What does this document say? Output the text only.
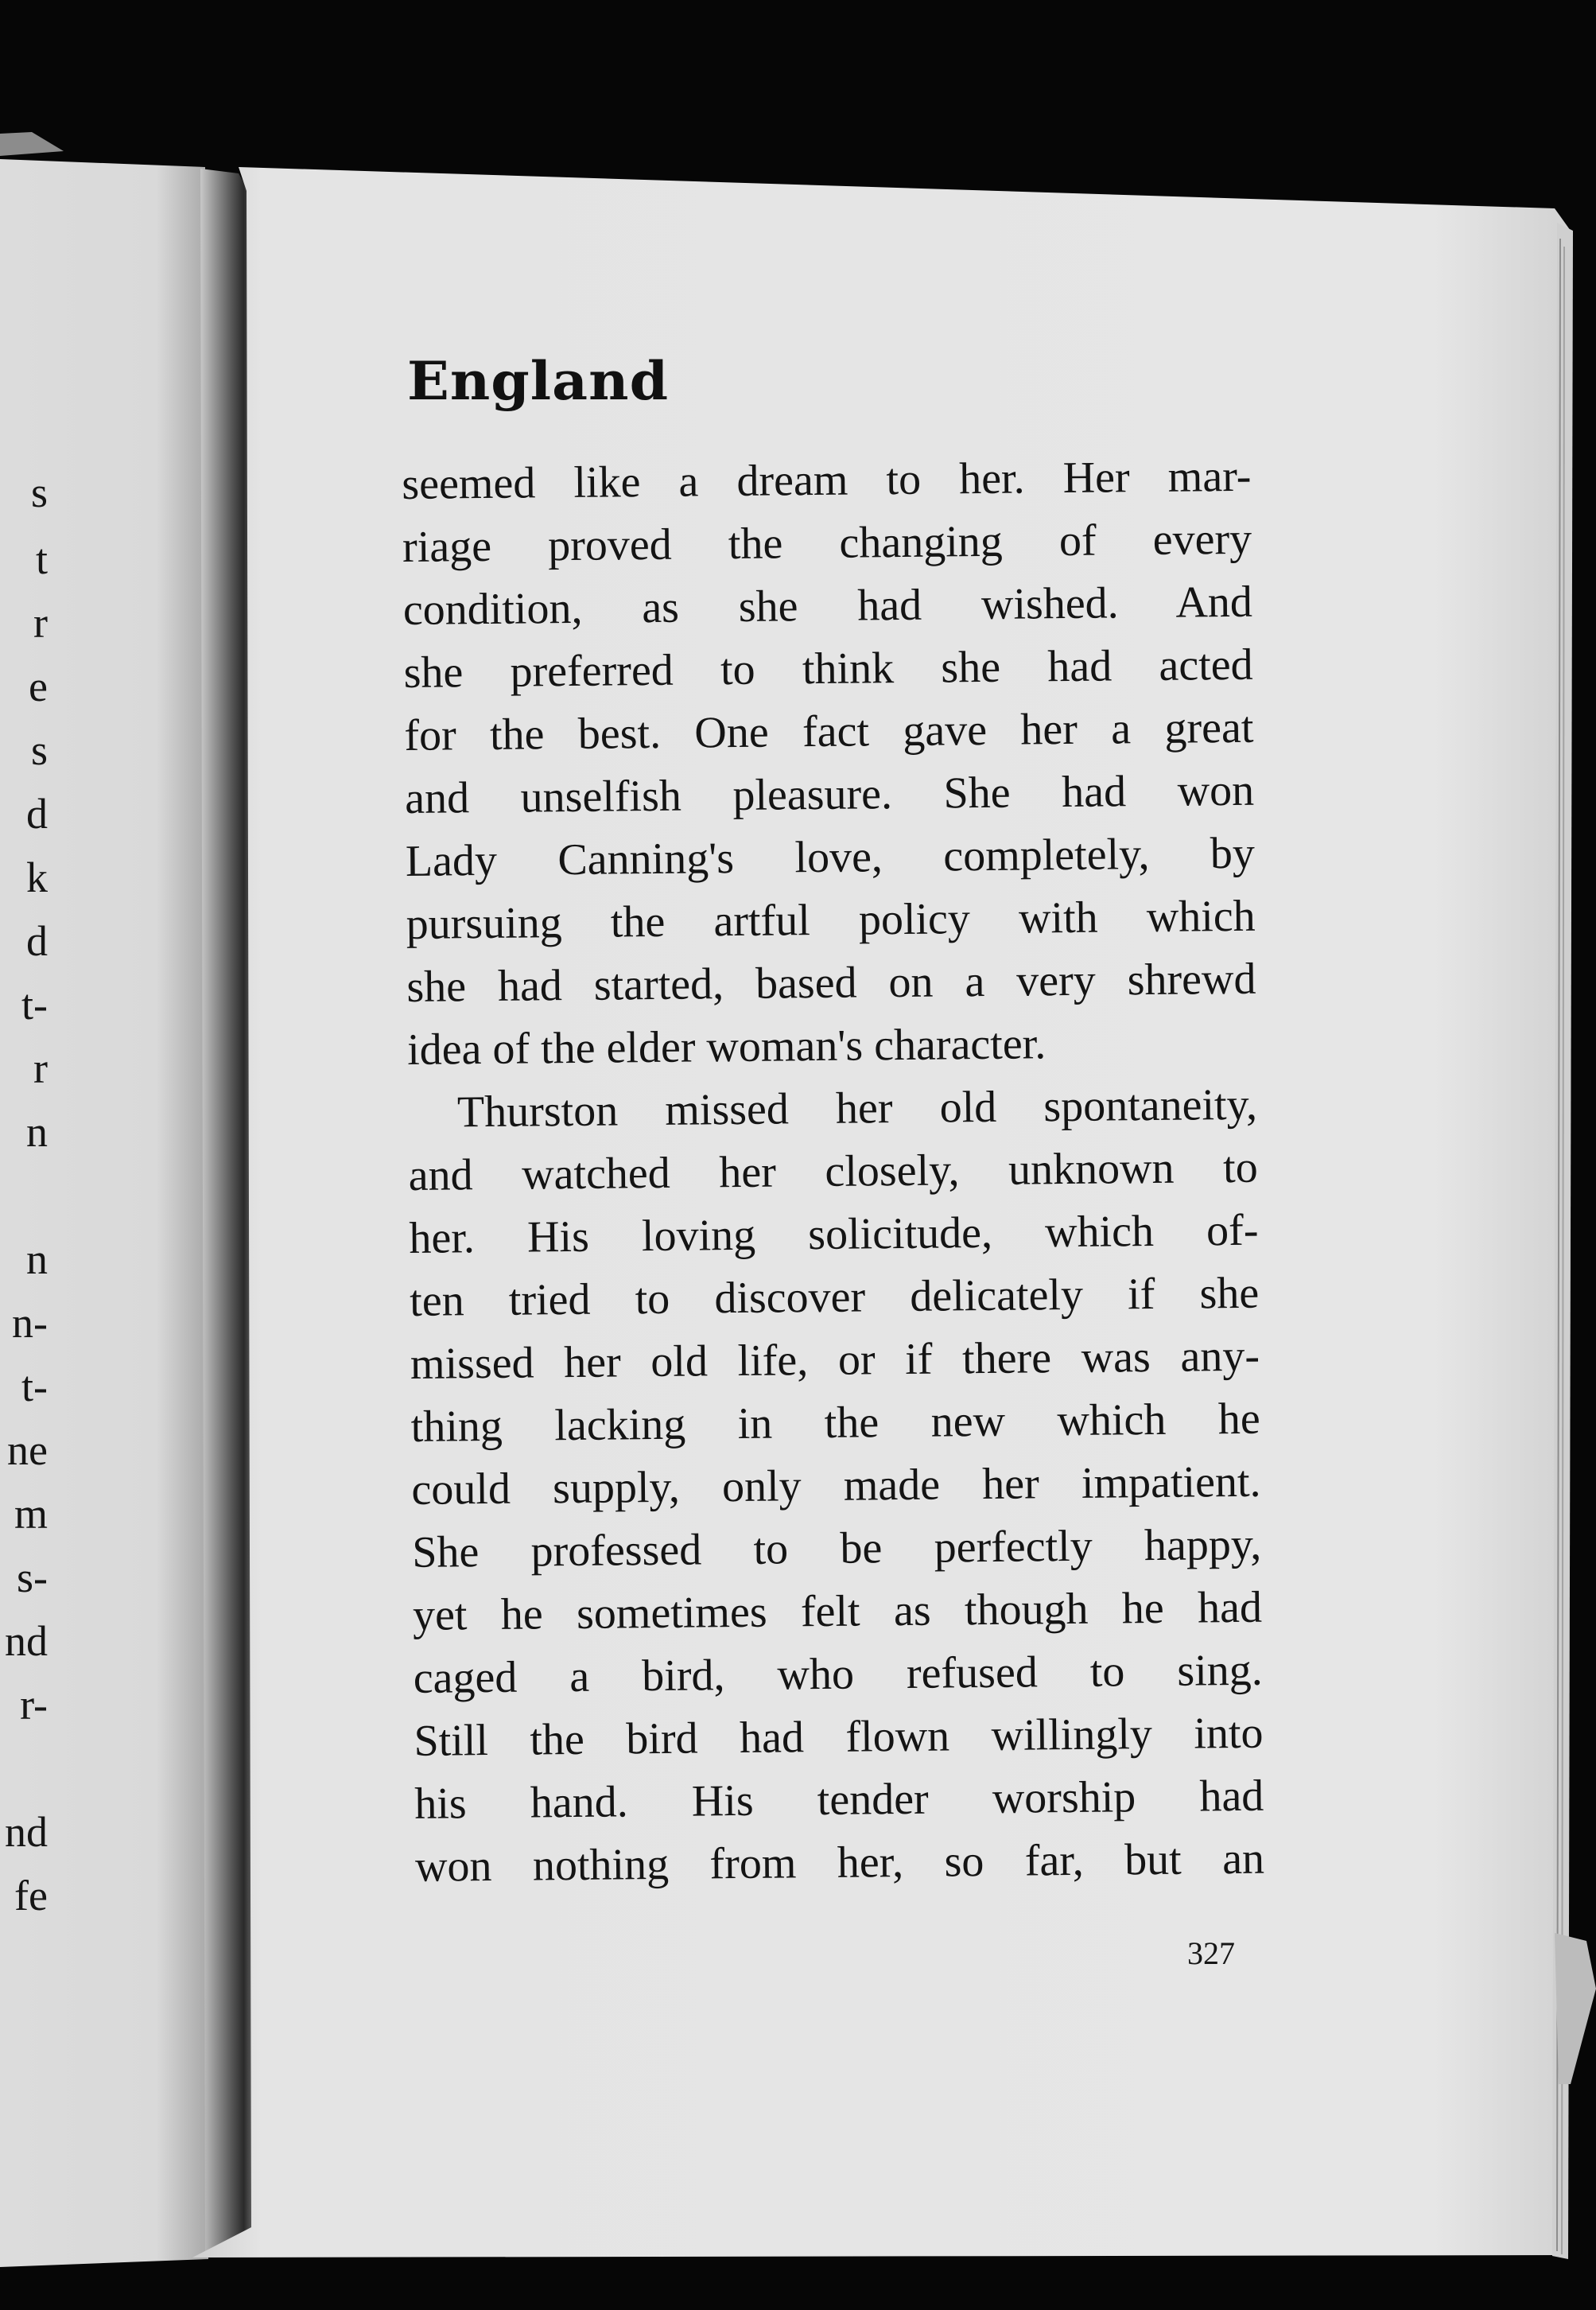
England
seemed like a dream to her. Her mar-
riage proved the changing of every
condition, as she had wished. And
she preferred to think she had acted
for the best. One fact gave her a great
and unselfish pleasure. She had won
Lady Canning's love, completely, by
pursuing the artful policy with which
she had started, based on a very shrewd
idea of the elder woman's character.
Thurston missed her old spontaneity,
and watched her closely, unknown to
her. His loving solicitude, which of-
ten tried to discover delicately if she
missed her old life, or if there was any-
thing lacking in the new which he
could supply, only made her impatient.
She professed to be perfectly happy,
yet he sometimes felt as though he had
caged a bird, who refused to sing.
Still the bird had flown willingly into
his hand. His tender worship had
won nothing from her, so far, but an
327
s
t
r
e
s
d
k
d
t-
r
n
n
n-
t-
ne
m
s-
nd
r-
nd
fe
